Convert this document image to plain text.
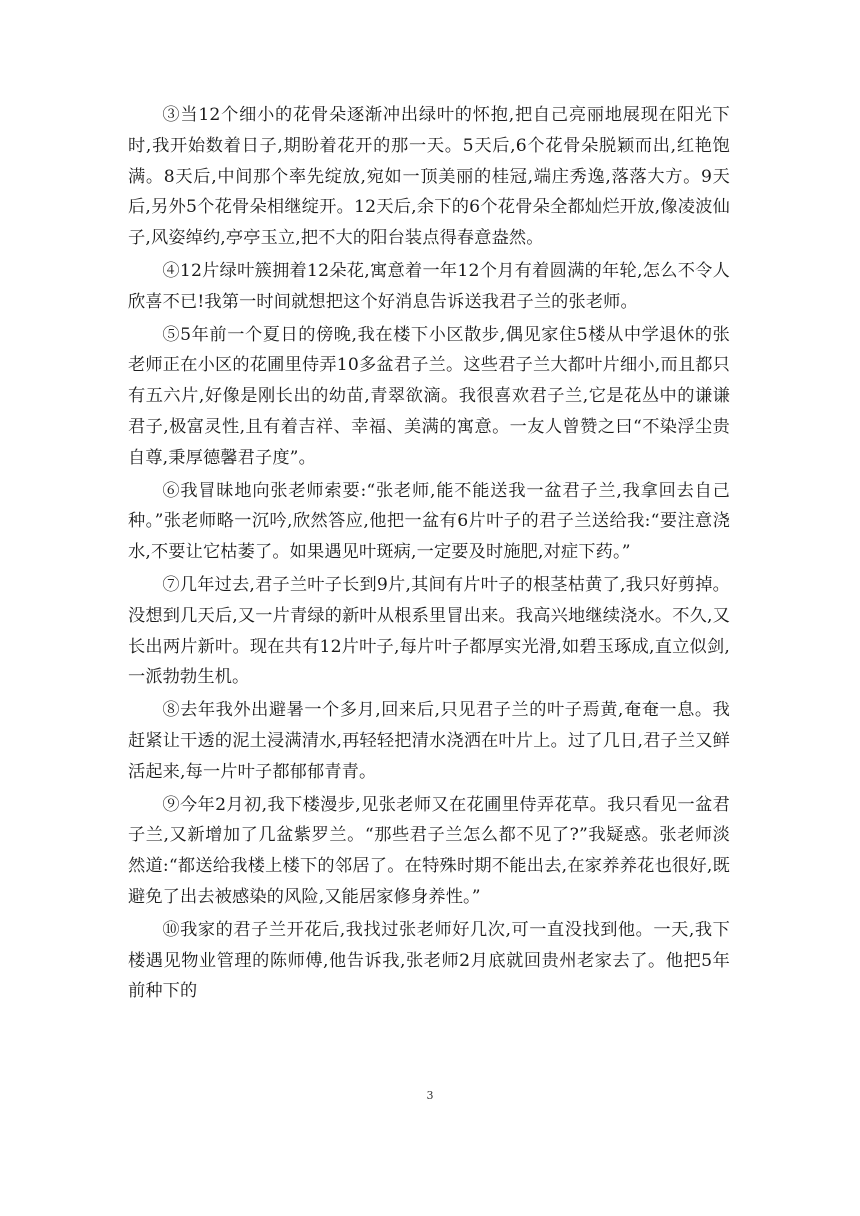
③当12个细小的花骨朵逐渐冲出绿叶的怀抱,把自己亮丽地展现在阳光下时,我开始数着日子,期盼着花开的那一天。5天后,6个花骨朵脱颖而出,红艳饱满。8天后,中间那个率先绽放,宛如一顶美丽的桂冠,端庄秀逸,落落大方。9天后,另外5个花骨朵相继绽开。12天后,余下的6个花骨朵全都灿烂开放,像凌波仙子,风姿绰约,亭亭玉立,把不大的阳台装点得春意盎然。

④12片绿叶簇拥着12朵花,寓意着一年12个月有着圆满的年轮,怎么不令人欣喜不已!我第一时间就想把这个好消息告诉送我君子兰的张老师。

⑤5年前一个夏日的傍晚,我在楼下小区散步,偶见家住5楼从中学退休的张老师正在小区的花圃里侍弄10多盆君子兰。这些君子兰大都叶片细小,而且都只有五六片,好像是刚长出的幼苗,青翠欲滴。我很喜欢君子兰,它是花丛中的谦谦君子,极富灵性,且有着吉祥、幸福、美满的寓意。一友人曾赞之曰“不染浮尘贵自尊,秉厚德馨君子度”。

⑥我冒昧地向张老师索要:“张老师,能不能送我一盆君子兰,我拿回去自己种。”张老师略一沉吟,欣然答应,他把一盆有6片叶子的君子兰送给我:“要注意浇水,不要让它枯萎了。如果遇见叶斑病,一定要及时施肥,对症下药。”

⑦几年过去,君子兰叶子长到9片,其间有片叶子的根茎枯黄了,我只好剪掉。没想到几天后,又一片青绿的新叶从根系里冒出来。我高兴地继续浇水。不久,又长出两片新叶。现在共有12片叶子,每片叶子都厚实光滑,如碧玉琢成,直立似剑,一派勃勃生机。

⑧去年我外出避暑一个多月,回来后,只见君子兰的叶子焉黄,奄奄一息。我赶紧让干透的泥土浸满清水,再轻轻把清水浇洒在叶片上。过了几日,君子兰又鲜活起来,每一片叶子都郁郁青青。

⑨今年2月初,我下楼漫步,见张老师又在花圃里侍弄花草。我只看见一盆君子兰,又新增加了几盆紫罗兰。“那些君子兰怎么都不见了?”我疑惑。张老师淡然道:“都送给我楼上楼下的邻居了。在特殊时期不能出去,在家养养花也很好,既避免了出去被感染的风险,又能居家修身养性。”

⑩我家的君子兰开花后,我找过张老师好几次,可一直没找到他。一天,我下楼遇见物业管理的陈师傅,他告诉我,张老师2月底就回贵州老家去了。他把5年前种下的

3
